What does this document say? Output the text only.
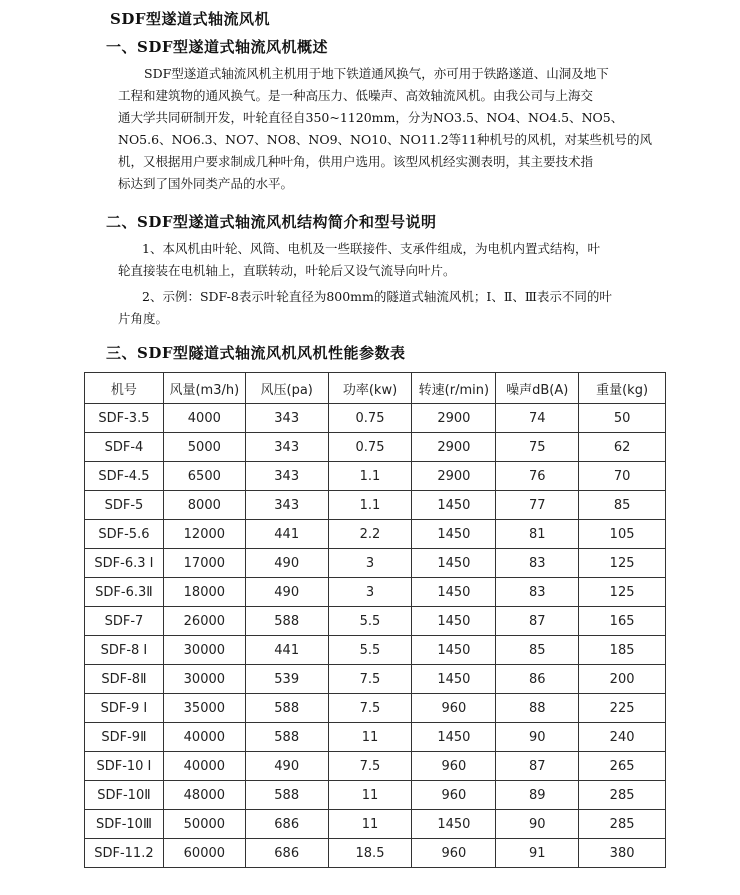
SDF型遂道式轴流风机
一、SDF型遂道式轴流风机概述
SDF型遂道式轴流风机主机用于地下铁道通风换气，亦可用于铁路遂道、山洞及地下
工程和建筑物的通风换气。是一种高压力、低噪声、高效轴流风机。由我公司与上海交
通大学共同研制开发，叶轮直径自350~1120mm，分为NO3.5、NO4、NO4.5、NO5、
NO5.6、NO6.3、NO7、NO8、NO9、NO10、NO11.2等11种机号的风机，对某些机号的风
机，又根据用户要求制成几种叶角，供用户选用。该型风机经实测表明，其主要技术指
标达到了国外同类产品的水平。
二、SDF型遂道式轴流风机结构简介和型号说明
1、本风机由叶轮、风筒、电机及一些联接件、支承件组成，为电机内置式结构，叶
轮直接装在电机轴上，直联转动，叶轮后又设气流导向叶片。
2、示例：SDF-8表示叶轮直径为800mm的隧道式轴流风机；Ⅰ、Ⅱ、Ⅲ表示不同的叶
片角度。
三、SDF型隧道式轴流风机风机性能参数表
机号	风量(m3/h)	风压(pa)	功率(kw)	转速(r/min)	噪声dB(A)	重量(kg)
SDF-3.5	4000	343	0.75	2900	74	50
SDF-4	5000	343	0.75	2900	75	62
SDF-4.5	6500	343	1.1	2900	76	70
SDF-5	8000	343	1.1	1450	77	85
SDF-5.6	12000	441	2.2	1450	81	105
SDF-6.3 Ⅰ	17000	490	3	1450	83	125
SDF-6.3Ⅱ	18000	490	3	1450	83	125
SDF-7	26000	588	5.5	1450	87	165
SDF-8 Ⅰ	30000	441	5.5	1450	85	185
SDF-8Ⅱ	30000	539	7.5	1450	86	200
SDF-9 Ⅰ	35000	588	7.5	960	88	225
SDF-9Ⅱ	40000	588	11	1450	90	240
SDF-10 Ⅰ	40000	490	7.5	960	87	265
SDF-10Ⅱ	48000	588	11	960	89	285
SDF-10Ⅲ	50000	686	11	1450	90	285
SDF-11.2	60000	686	18.5	960	91	380
